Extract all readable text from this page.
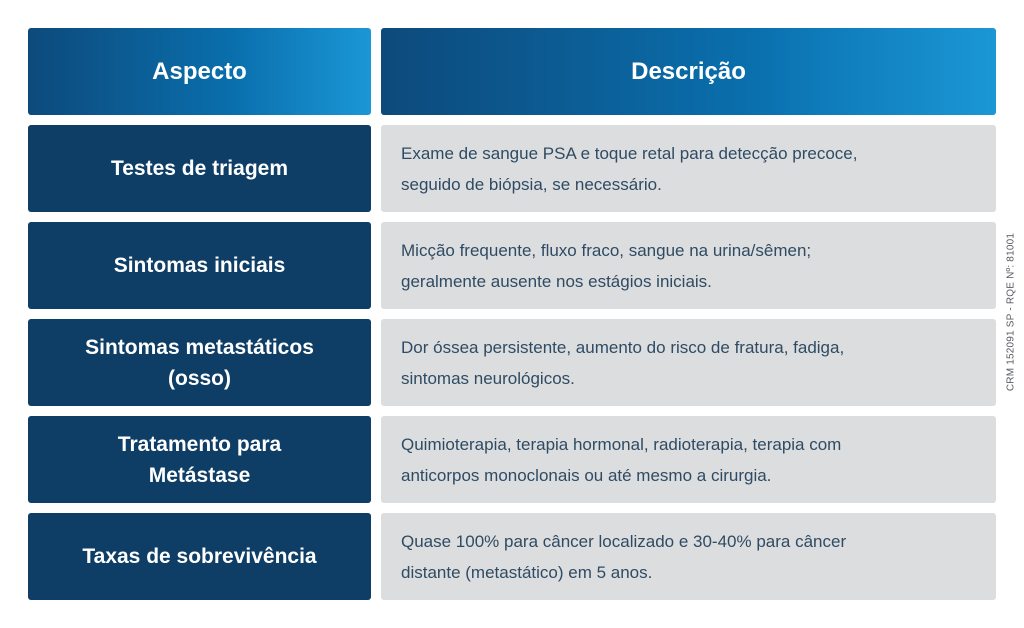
Aspecto	Descrição
Testes de triagem
Exame de sangue PSA e toque retal para detecção precoce,
seguido de biópsia, se necessário.
Sintomas iniciais
Micção frequente, fluxo fraco, sangue na urina/sêmen;
geralmente ausente nos estágios iniciais.
Sintomas metastáticos
(osso)
Dor óssea persistente, aumento do risco de fratura, fadiga,
sintomas neurológicos.
Tratamento para
Metástase
Quimioterapia, terapia hormonal, radioterapia, terapia com
anticorpos monoclonais ou até mesmo a cirurgia.
Taxas de sobrevivência
Quase 100% para câncer localizado e 30-40% para câncer
distante (metastático) em 5 anos.
CRM 152091 SP - RQE Nº: 81001
